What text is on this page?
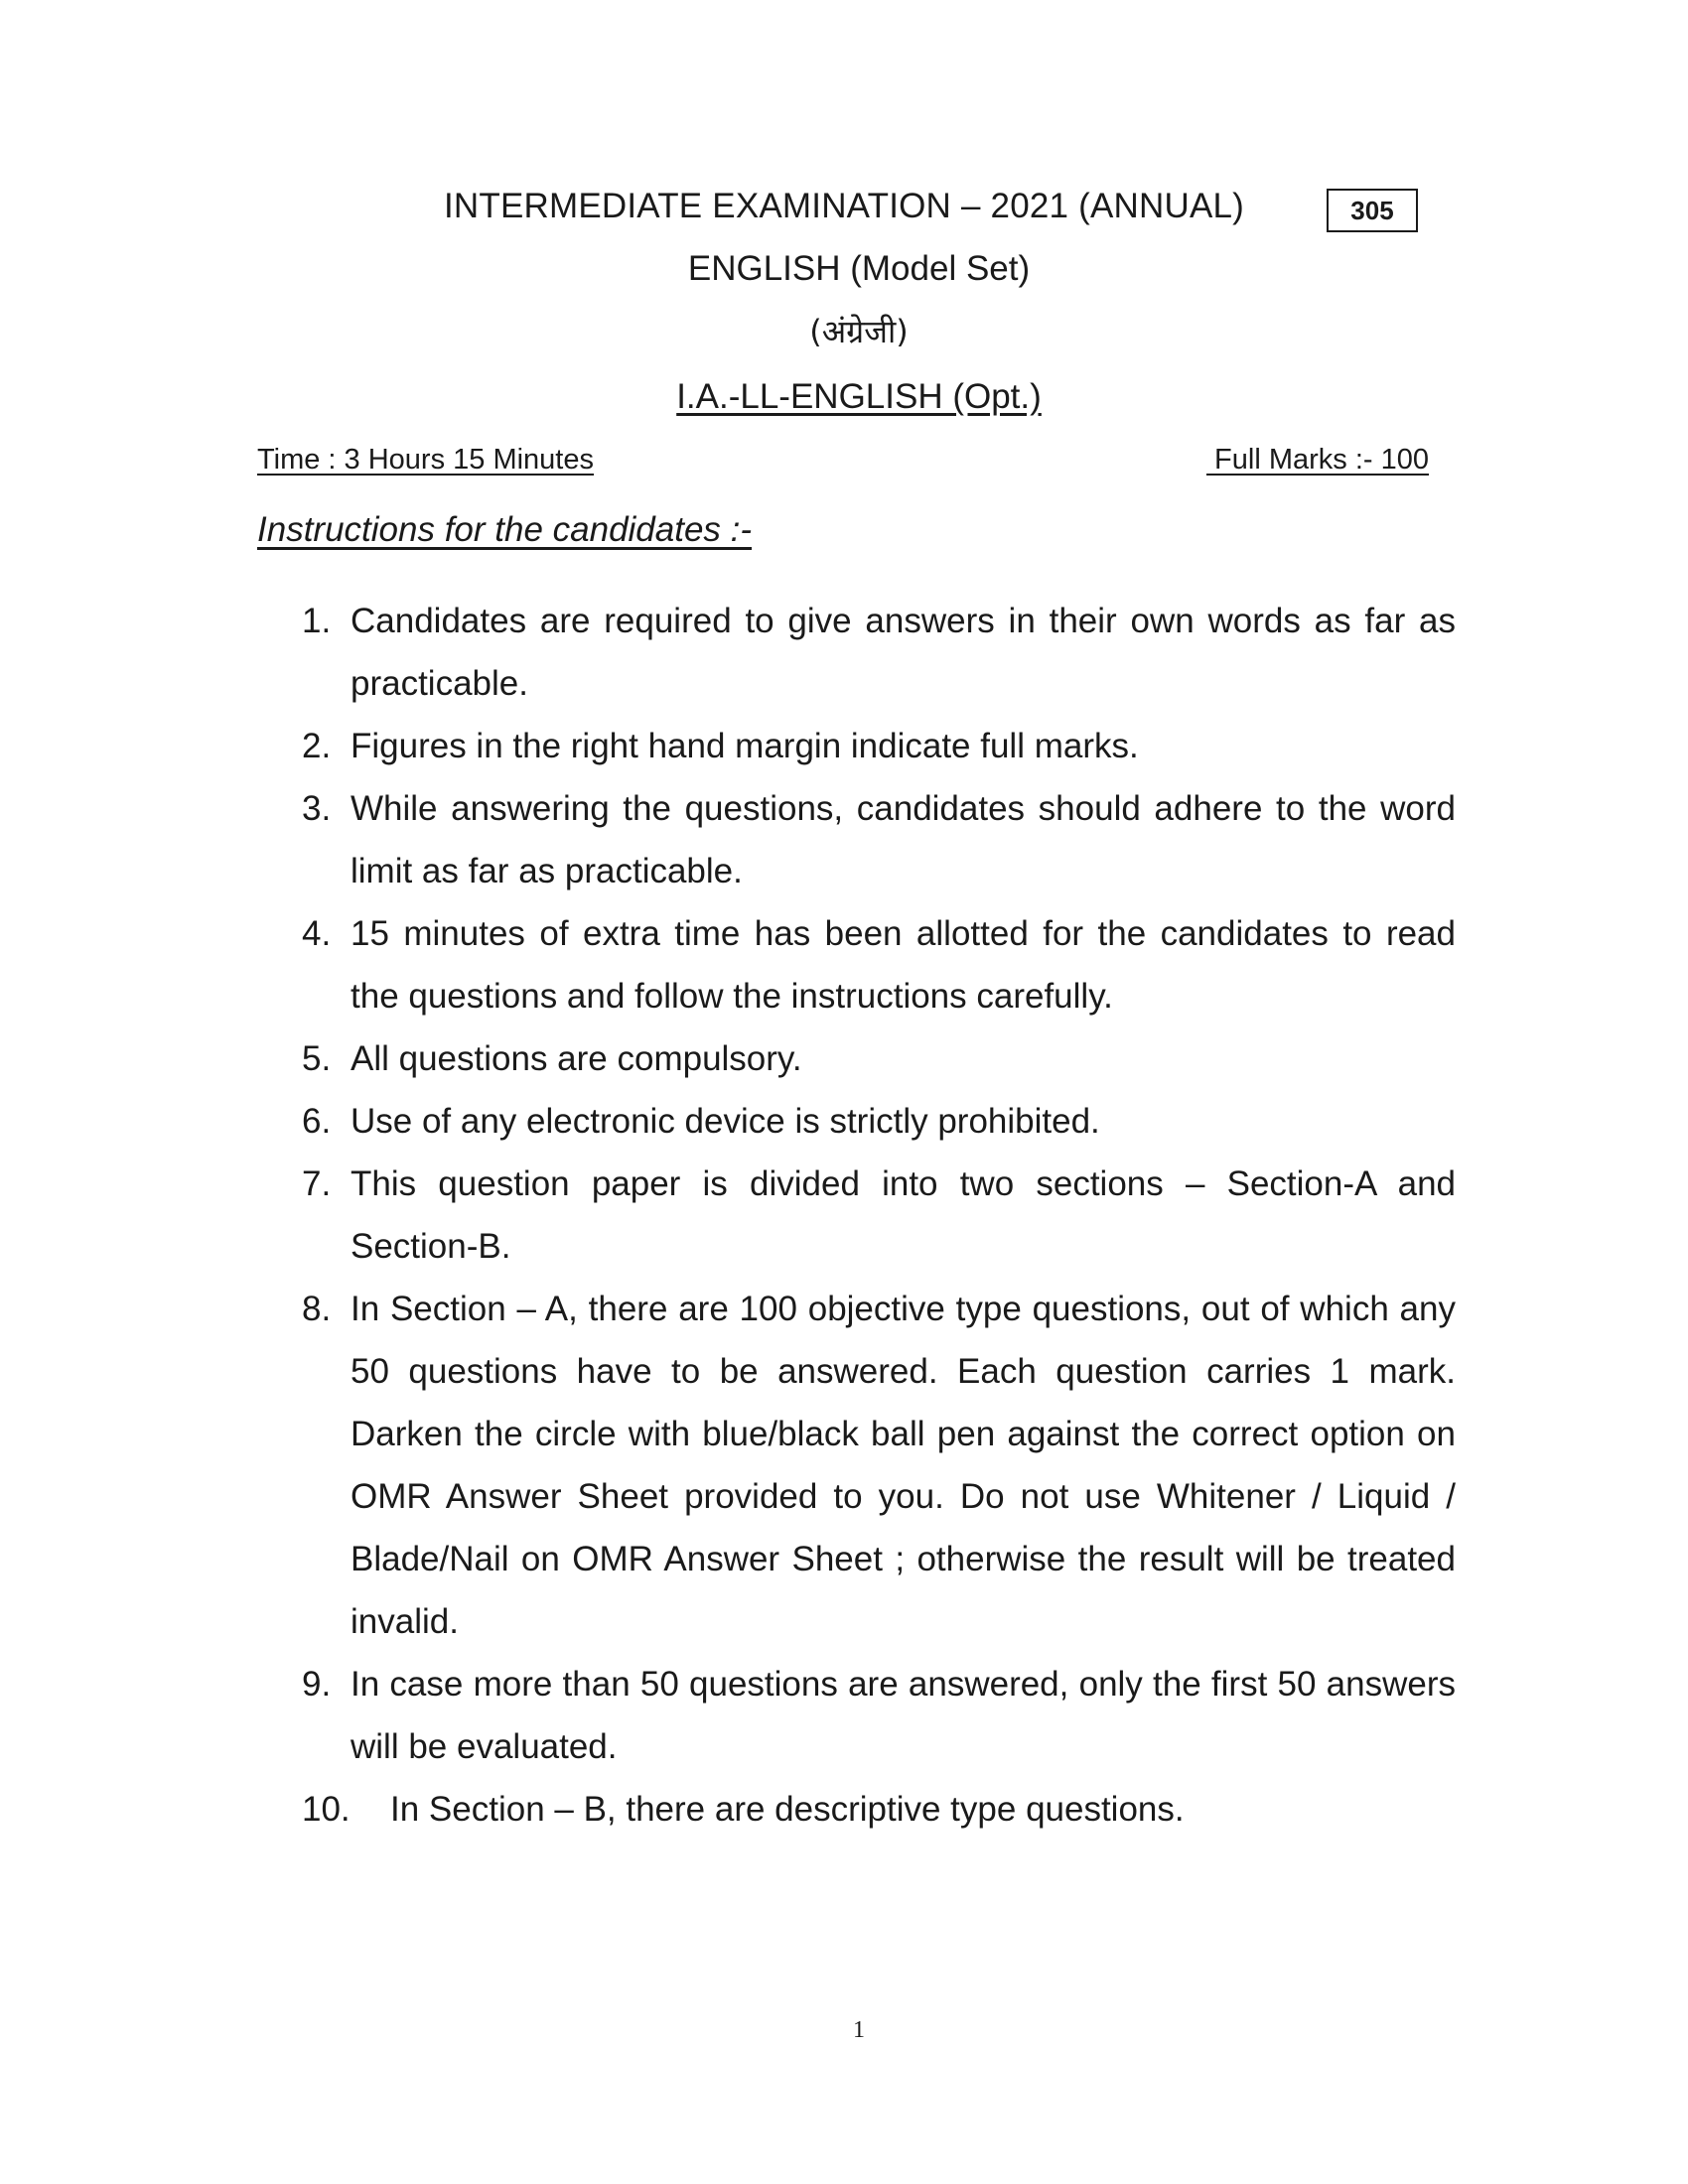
INTERMEDIATE EXAMINATION – 2021 (ANNUAL)	305
ENGLISH (Model Set)
(अंग्रेजी)
I.A.-LL-ENGLISH (Opt.)
Time : 3 Hours 15 Minutes	Full Marks :- 100
Instructions for the candidates :-
1. Candidates are required to give answers in their own words as far as practicable.
2. Figures in the right hand margin indicate full marks.
3. While answering the questions, candidates should adhere to the word limit as far as practicable.
4. 15 minutes of extra time has been allotted for the candidates to read the questions and follow the instructions carefully.
5. All questions are compulsory.
6. Use of any electronic device is strictly prohibited.
7. This question paper is divided into two sections – Section-A and Section-B.
8. In Section – A, there are 100 objective type questions, out of which any 50 questions have to be answered. Each question carries 1 mark. Darken the circle with blue/black ball pen against the correct option on OMR Answer Sheet provided to you. Do not use Whitener / Liquid / Blade/Nail on OMR Answer Sheet ; otherwise the result will be treated invalid.
9. In case more than 50 questions are answered, only the first 50 answers will be evaluated.
10. In Section – B, there are descriptive type questions.
1
